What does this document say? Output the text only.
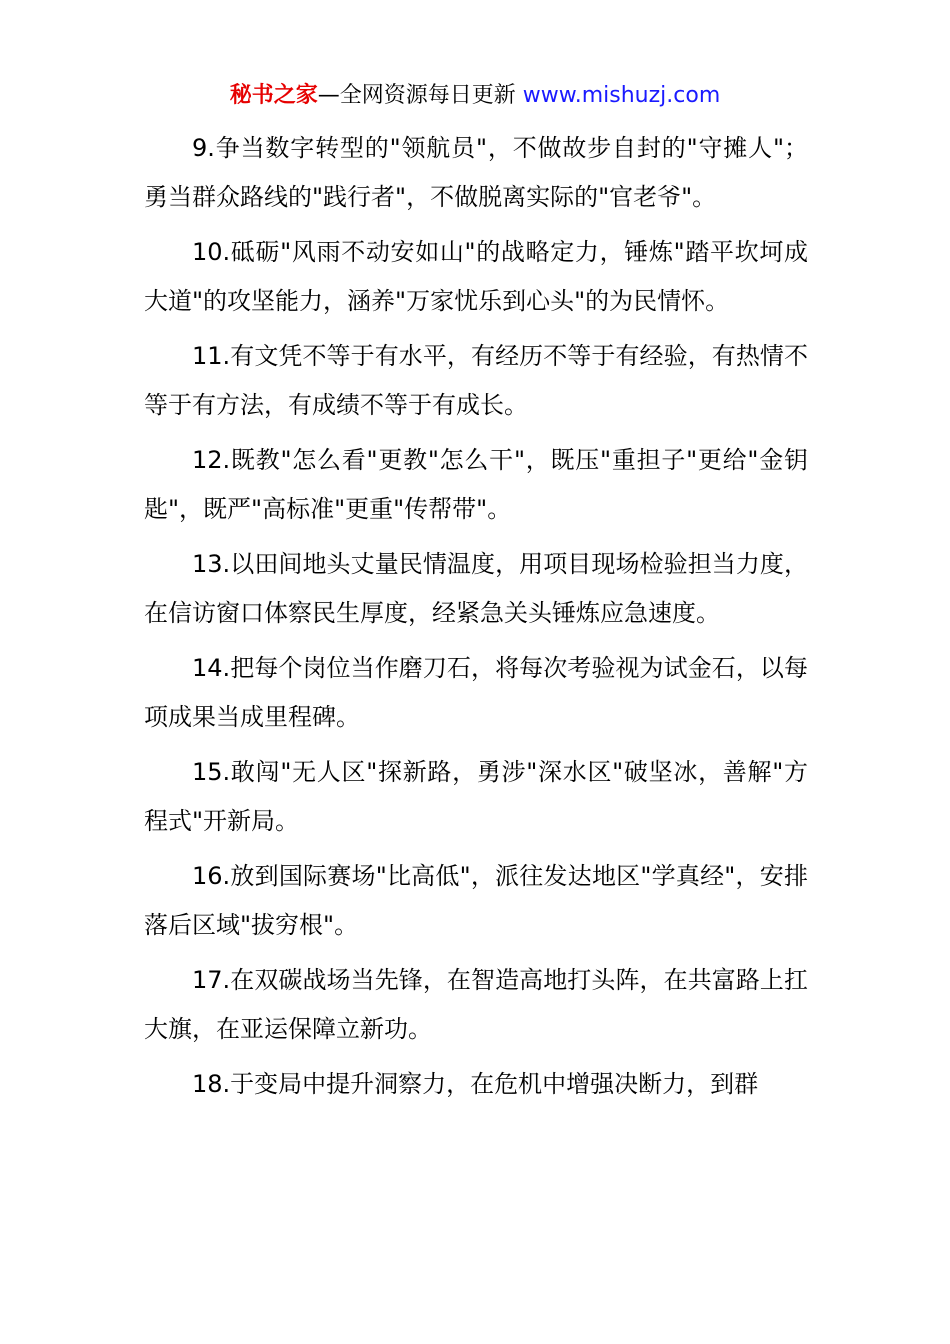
秘书之家—全网资源每日更新 www.mishuzj.com

9.争当数字转型的"领航员"，不做故步自封的"守摊人"；勇当群众路线的"践行者"，不做脱离实际的"官老爷"。

10.砥砺"风雨不动安如山"的战略定力，锤炼"踏平坎坷成大道"的攻坚能力，涵养"万家忧乐到心头"的为民情怀。

11.有文凭不等于有水平，有经历不等于有经验，有热情不等于有方法，有成绩不等于有成长。

12.既教"怎么看"更教"怎么干"，既压"重担子"更给"金钥匙"，既严"高标准"更重"传帮带"。

13.以田间地头丈量民情温度，用项目现场检验担当力度，在信访窗口体察民生厚度，经紧急关头锤炼应急速度。

14.把每个岗位当作磨刀石，将每次考验视为试金石，以每项成果当成里程碑。

15.敢闯"无人区"探新路，勇涉"深水区"破坚冰，善解"方程式"开新局。

16.放到国际赛场"比高低"，派往发达地区"学真经"，安排落后区域"拔穷根"。

17.在双碳战场当先锋，在智造高地打头阵，在共富路上扛大旗，在亚运保障立新功。

18.于变局中提升洞察力，在危机中增强决断力，到群
